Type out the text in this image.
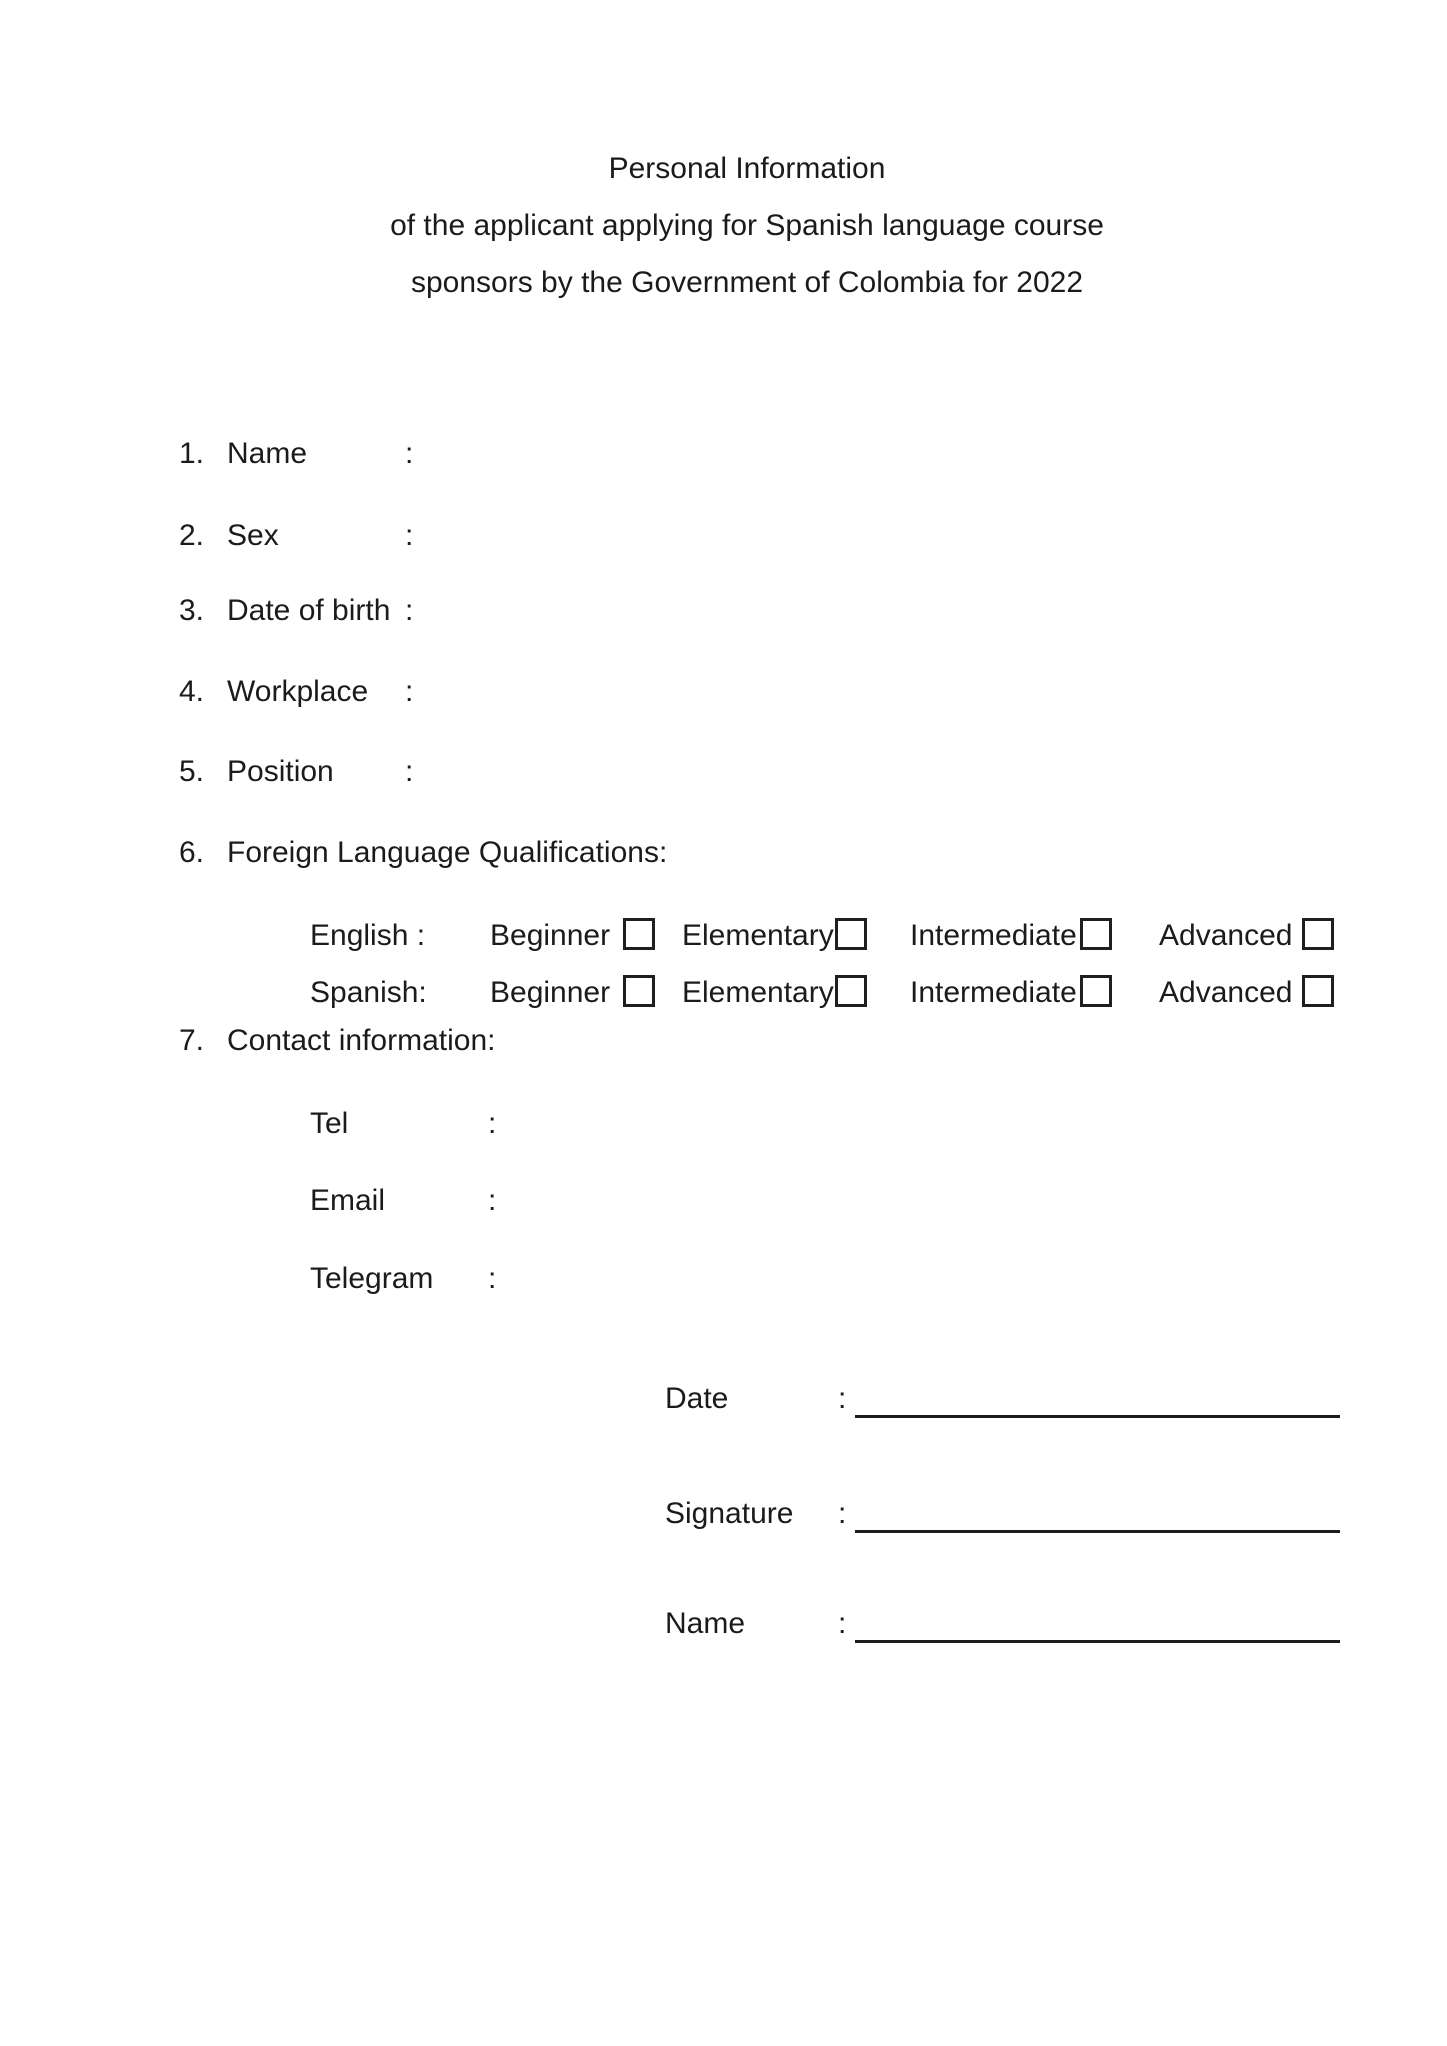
Personal Information
of the applicant applying for Spanish language course
sponsors by the Government of Colombia for 2022
1. Name	:
2. Sex	:
3. Date of birth :
4. Workplace :
5. Position :
6. Foreign Language Qualifications:
English : Beginner Elementary	Intermediate	Advanced
Spanish: Beginner Elementary	Intermediate	Advanced
7. Contact information:
Tel	:
Email	:
Telegram :
Date	:
Signature :
Name	:
